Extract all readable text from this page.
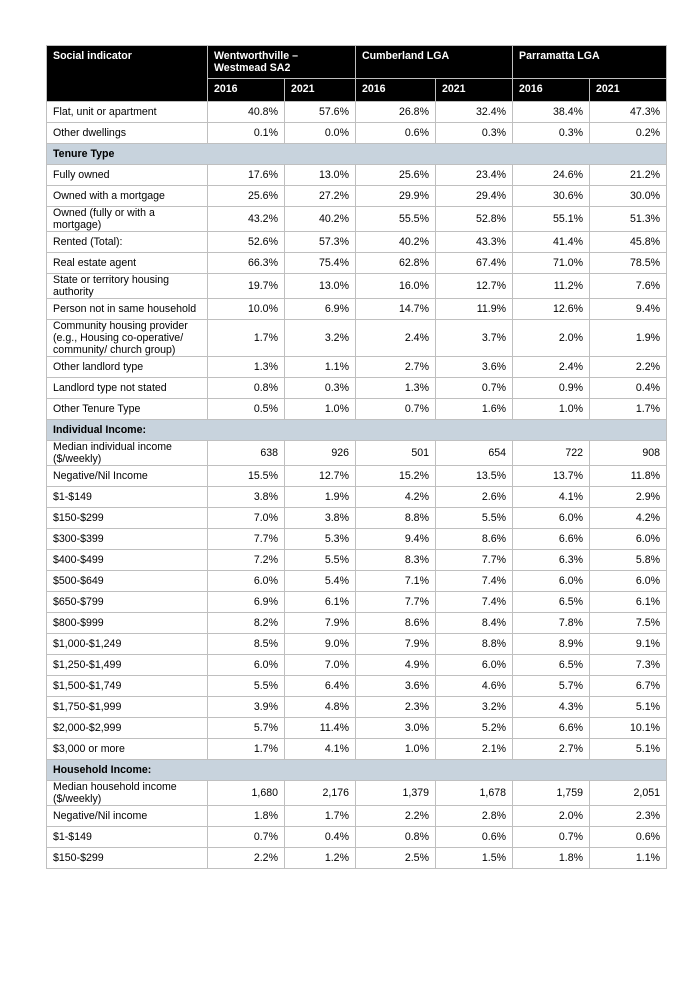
Social indicator	Wentworthville – Westmead SA2		Cumberland LGA		Parramatta LGA	
	2016	2021	2016	2021	2016	2021
Flat, unit or apartment	40.8%	57.6%	26.8%	32.4%	38.4%	47.3%
Other dwellings	0.1%	0.0%	0.6%	0.3%	0.3%	0.2%
Tenure Type						
Fully owned	17.6%	13.0%	25.6%	23.4%	24.6%	21.2%
Owned with a mortgage	25.6%	27.2%	29.9%	29.4%	30.6%	30.0%
Owned (fully or with a mortgage)	43.2%	40.2%	55.5%	52.8%	55.1%	51.3%
Rented (Total):	52.6%	57.3%	40.2%	43.3%	41.4%	45.8%
Real estate agent	66.3%	75.4%	62.8%	67.4%	71.0%	78.5%
State or territory housing authority	19.7%	13.0%	16.0%	12.7%	11.2%	7.6%
Person not in same household	10.0%	6.9%	14.7%	11.9%	12.6%	9.4%
Community housing provider (e.g., Housing co-operative/ community/ church group)	1.7%	3.2%	2.4%	3.7%	2.0%	1.9%
Other landlord type	1.3%	1.1%	2.7%	3.6%	2.4%	2.2%
Landlord type not stated	0.8%	0.3%	1.3%	0.7%	0.9%	0.4%
Other Tenure Type	0.5%	1.0%	0.7%	1.6%	1.0%	1.7%
Individual Income:						
Median individual income ($/weekly)	638	926	501	654	722	908
Negative/Nil Income	15.5%	12.7%	15.2%	13.5%	13.7%	11.8%
$1-$149	3.8%	1.9%	4.2%	2.6%	4.1%	2.9%
$150-$299	7.0%	3.8%	8.8%	5.5%	6.0%	4.2%
$300-$399	7.7%	5.3%	9.4%	8.6%	6.6%	6.0%
$400-$499	7.2%	5.5%	8.3%	7.7%	6.3%	5.8%
$500-$649	6.0%	5.4%	7.1%	7.4%	6.0%	6.0%
$650-$799	6.9%	6.1%	7.7%	7.4%	6.5%	6.1%
$800-$999	8.2%	7.9%	8.6%	8.4%	7.8%	7.5%
$1,000-$1,249	8.5%	9.0%	7.9%	8.8%	8.9%	9.1%
$1,250-$1,499	6.0%	7.0%	4.9%	6.0%	6.5%	7.3%
$1,500-$1,749	5.5%	6.4%	3.6%	4.6%	5.7%	6.7%
$1,750-$1,999	3.9%	4.8%	2.3%	3.2%	4.3%	5.1%
$2,000-$2,999	5.7%	11.4%	3.0%	5.2%	6.6%	10.1%
$3,000 or more	1.7%	4.1%	1.0%	2.1%	2.7%	5.1%
Household Income:						
Median household income ($/weekly)	1,680	2,176	1,379	1,678	1,759	2,051
Negative/Nil income	1.8%	1.7%	2.2%	2.8%	2.0%	2.3%
$1-$149	0.7%	0.4%	0.8%	0.6%	0.7%	0.6%
$150-$299	2.2%	1.2%	2.5%	1.5%	1.8%	1.1%
